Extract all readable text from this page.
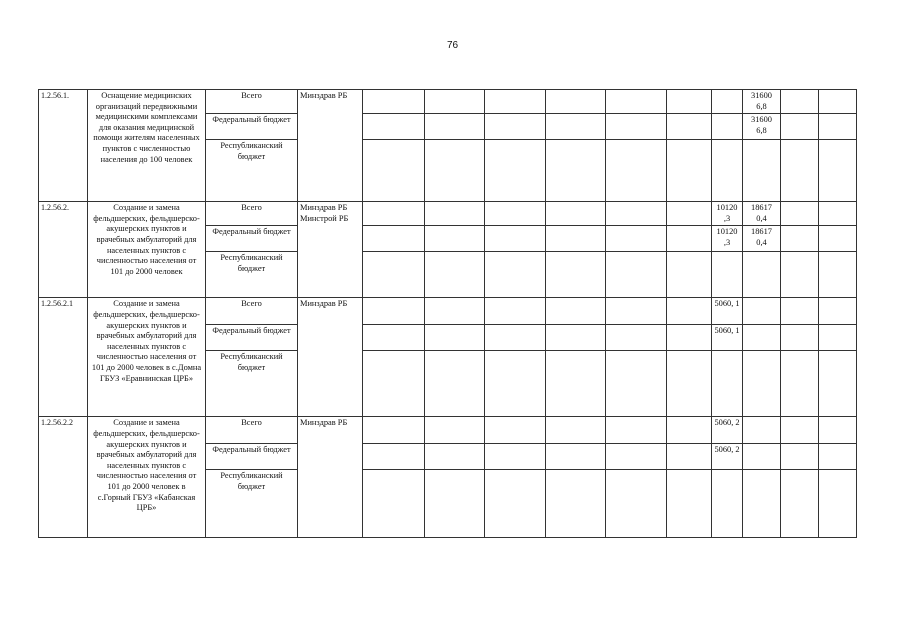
76
1.2.56.1.	Оснащение медицинских организаций передвижными медицинскими комплексами для оказания медицинской помощи жителям населенных пунктов с численностью населения до 100 человек	Всего	Минздрав РБ								31600 6,8		
		Федеральный бюджет									31600 6,8		
		Республиканский бюджет											
1.2.56.2.	Создание и замена фельдшерских, фельдшерско-акушерских пунктов и врачебных амбулаторий для населенных пунктов с численностью населения от 101 до 2000 человек	Всего	Минздрав РБ Минстрой РБ							10120 ,3	18617 0,4		
		Федеральный бюджет								10120 ,3	18617 0,4		
		Республиканский бюджет											
1.2.56.2.1	Создание и замена фельдшерских, фельдшерско-акушерских пунктов и врачебных амбулаторий для населенных пунктов с численностью населения от 101 до 2000 человек в с.Домна ГБУЗ «Еравнинская ЦРБ»	Всего	Минздрав РБ							5060, 1			
		Федеральный бюджет								5060, 1			
		Республиканский бюджет											
1.2.56.2.2	Создание и замена фельдшерских, фельдшерско-акушерских пунктов и врачебных амбулаторий для населенных пунктов с численностью населения от 101 до 2000 человек в с.Горный ГБУЗ «Кабанская ЦРБ»	Всего	Минздрав РБ							5060, 2			
		Федеральный бюджет								5060, 2			
		Республиканский бюджет											
